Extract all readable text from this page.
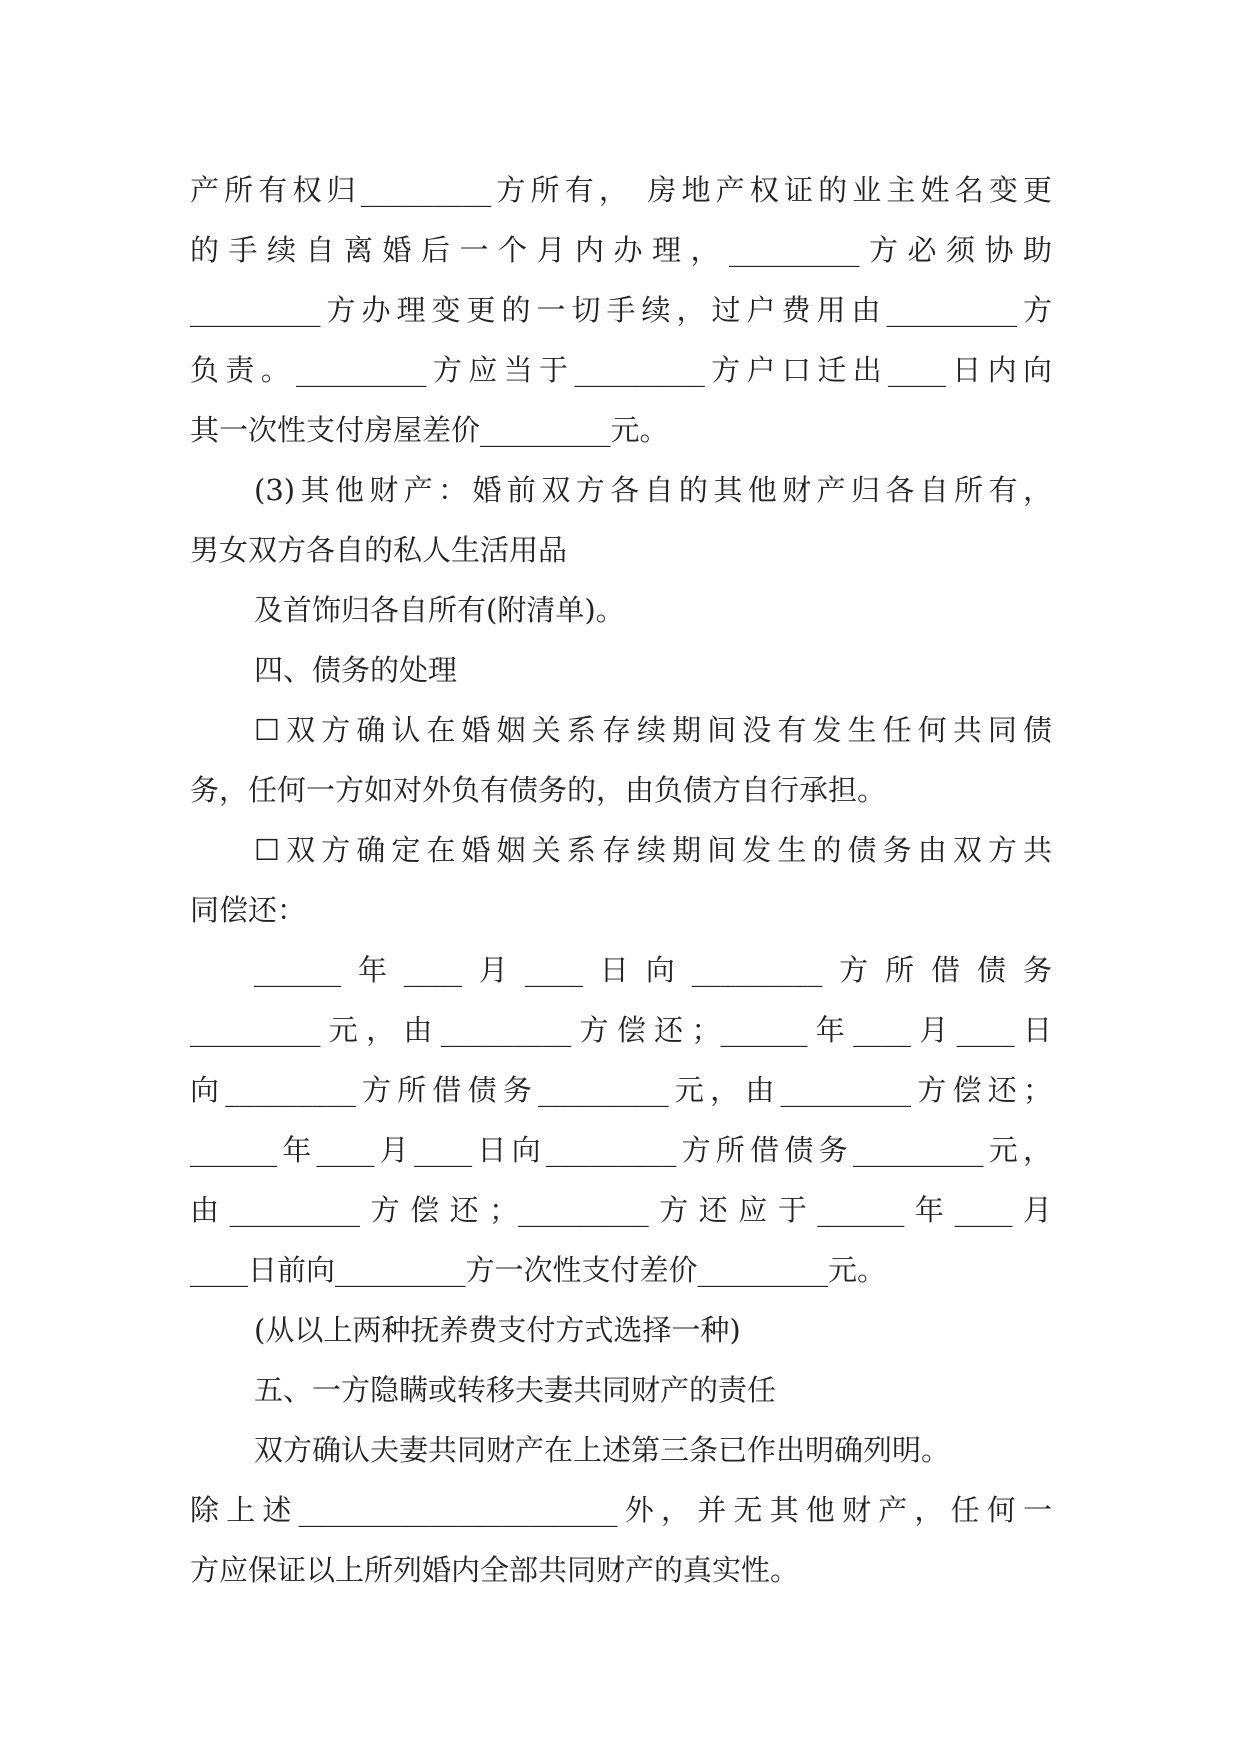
产所有权归_________方所有， 房地产权证的业主姓名变更
的手续自离婚后一个月内办理，_________方必须协助
_________方办理变更的一切手续，过户费用由_________方
负责。_________方应当于_________方户口迁出____日内向
其一次性支付房屋差价_________元。
(3)其他财产：婚前双方各自的其他财产归各自所有，
男女双方各自的私人生活用品
及首饰归各自所有(附清单)。
四、债务的处理
☐双方确认在婚姻关系存续期间没有发生任何共同债
务，任何一方如对外负有债务的，由负债方自行承担。
☐双方确定在婚姻关系存续期间发生的债务由双方共
同偿还：
______年____月____日向_________方所借债务
_________元，由_________方偿还；______年____月____日
向_________方所借债务_________元，由_________方偿还；
______年____月____日向_________方所借债务_________元，
由_________方偿还；_________方还应于______年____月
____日前向_________方一次性支付差价_________元。
(从以上两种抚养费支付方式选择一种)
五、一方隐瞒或转移夫妻共同财产的责任
双方确认夫妻共同财产在上述第三条已作出明确列明。
除上述______________________外，并无其他财产，任何一
方应保证以上所列婚内全部共同财产的真实性。
